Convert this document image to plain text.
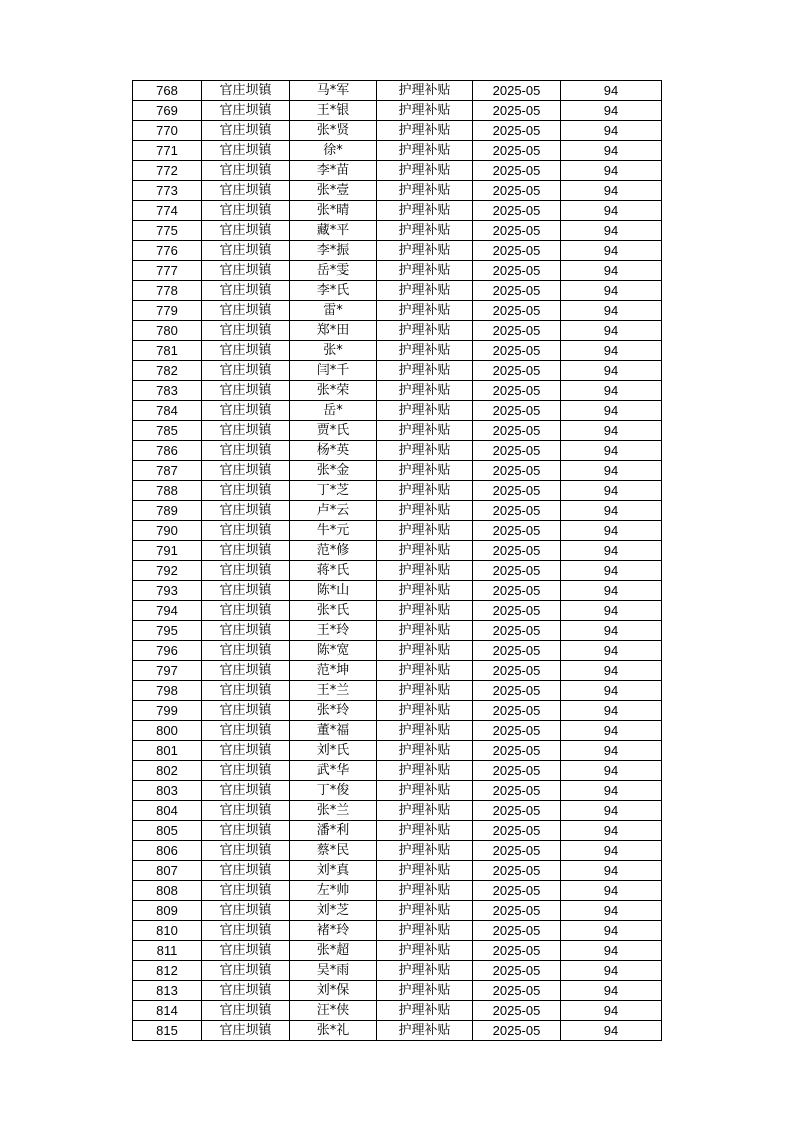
768	官庄坝镇	马*军	护理补贴	2025-05	94
769	官庄坝镇	王*银	护理补贴	2025-05	94
770	官庄坝镇	张*贤	护理补贴	2025-05	94
771	官庄坝镇	徐*	护理补贴	2025-05	94
772	官庄坝镇	李*苗	护理补贴	2025-05	94
773	官庄坝镇	张*壹	护理补贴	2025-05	94
774	官庄坝镇	张*晴	护理补贴	2025-05	94
775	官庄坝镇	藏*平	护理补贴	2025-05	94
776	官庄坝镇	李*振	护理补贴	2025-05	94
777	官庄坝镇	岳*雯	护理补贴	2025-05	94
778	官庄坝镇	李*氏	护理补贴	2025-05	94
779	官庄坝镇	雷*	护理补贴	2025-05	94
780	官庄坝镇	郑*田	护理补贴	2025-05	94
781	官庄坝镇	张*	护理补贴	2025-05	94
782	官庄坝镇	闫*千	护理补贴	2025-05	94
783	官庄坝镇	张*荣	护理补贴	2025-05	94
784	官庄坝镇	岳*	护理补贴	2025-05	94
785	官庄坝镇	贾*氏	护理补贴	2025-05	94
786	官庄坝镇	杨*英	护理补贴	2025-05	94
787	官庄坝镇	张*金	护理补贴	2025-05	94
788	官庄坝镇	丁*芝	护理补贴	2025-05	94
789	官庄坝镇	卢*云	护理补贴	2025-05	94
790	官庄坝镇	牛*元	护理补贴	2025-05	94
791	官庄坝镇	范*修	护理补贴	2025-05	94
792	官庄坝镇	蒋*氏	护理补贴	2025-05	94
793	官庄坝镇	陈*山	护理补贴	2025-05	94
794	官庄坝镇	张*氏	护理补贴	2025-05	94
795	官庄坝镇	王*玲	护理补贴	2025-05	94
796	官庄坝镇	陈*宽	护理补贴	2025-05	94
797	官庄坝镇	范*坤	护理补贴	2025-05	94
798	官庄坝镇	王*兰	护理补贴	2025-05	94
799	官庄坝镇	张*玲	护理补贴	2025-05	94
800	官庄坝镇	董*福	护理补贴	2025-05	94
801	官庄坝镇	刘*氏	护理补贴	2025-05	94
802	官庄坝镇	武*华	护理补贴	2025-05	94
803	官庄坝镇	丁*俊	护理补贴	2025-05	94
804	官庄坝镇	张*兰	护理补贴	2025-05	94
805	官庄坝镇	潘*利	护理补贴	2025-05	94
806	官庄坝镇	蔡*民	护理补贴	2025-05	94
807	官庄坝镇	刘*真	护理补贴	2025-05	94
808	官庄坝镇	左*帅	护理补贴	2025-05	94
809	官庄坝镇	刘*芝	护理补贴	2025-05	94
810	官庄坝镇	褚*玲	护理补贴	2025-05	94
811	官庄坝镇	张*超	护理补贴	2025-05	94
812	官庄坝镇	吴*雨	护理补贴	2025-05	94
813	官庄坝镇	刘*保	护理补贴	2025-05	94
814	官庄坝镇	汪*侠	护理补贴	2025-05	94
815	官庄坝镇	张*礼	护理补贴	2025-05	94
